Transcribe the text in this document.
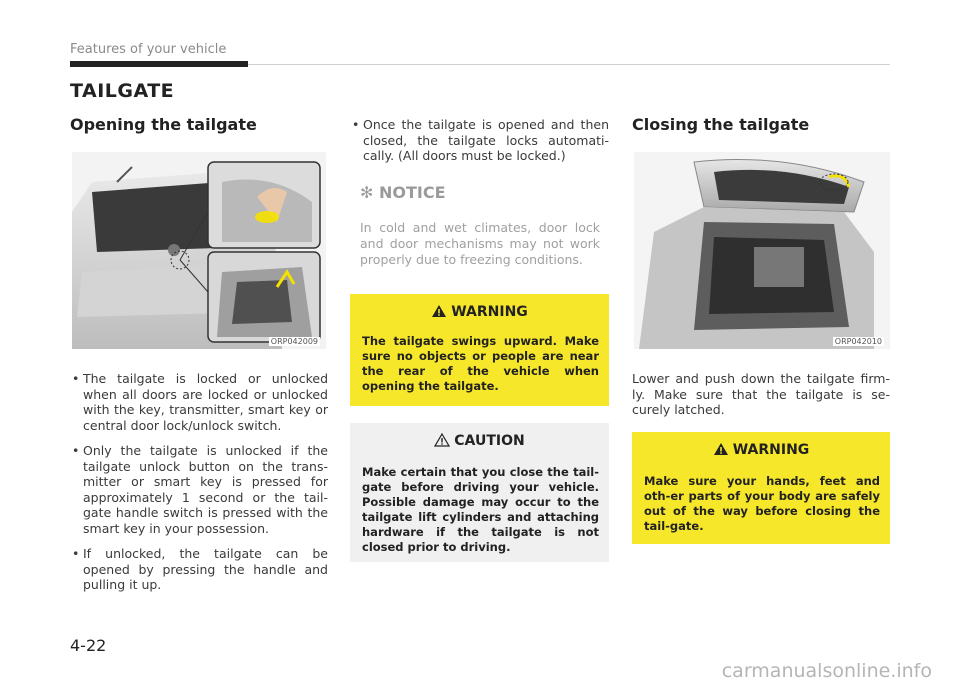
Features of your vehicle
TAILGATE
Opening the tailgate
ORP042009
• The tailgate is locked or unlocked when all doors are locked or unlocked with the key, transmitter, smart key or central door lock/unlock switch.
• Only the tailgate is unlocked if the tailgate unlock button on the trans-mitter or smart key is pressed for approximately 1 second or the tail-gate handle switch is pressed with the smart key in your possession.
• If unlocked, the tailgate can be opened by pressing the handle and pulling it up.
• Once the tailgate is opened and then closed, the tailgate locks automati-cally. (All doors must be locked.)
✻ NOTICE

In cold and wet climates, door lock and door mechanisms may not work properly due to freezing conditions.

WARNING

The tailgate swings upward. Make sure no objects or people are near the rear of the vehicle when opening the tailgate.

CAUTION

Make certain that you close the tail-gate before driving your vehicle. Possible damage may occur to the tailgate lift cylinders and attaching hardware if the tailgate is not closed prior to driving.

Closing the tailgate
ORP042010

Lower and push down the tailgate firm-ly. Make sure that the tailgate is se-curely latched.

WARNING

Make sure your hands, feet and oth-er parts of your body are safely out of the way before closing the tail-gate.

4-22
carmanualsonline.info
